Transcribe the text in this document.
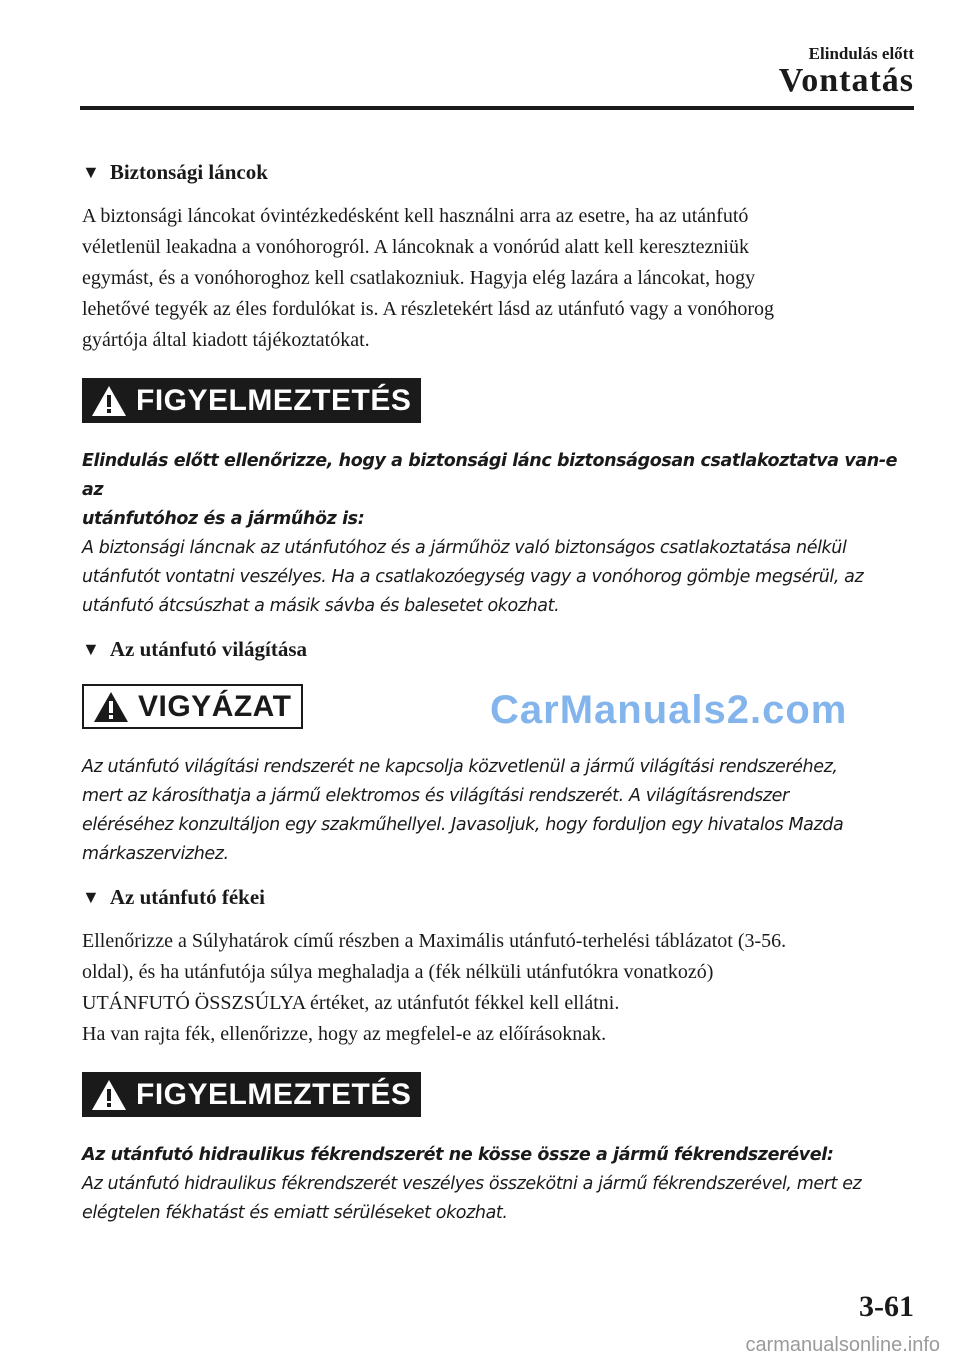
Elindulás előtt
Vontatás
▼ Biztonsági láncok

A biztonsági láncokat óvintézkedésként kell használni arra az esetre, ha az utánfutó

véletlenül leakadna a vonóhorogról. A láncoknak a vonórúd alatt kell keresztezniük

egymást, és a vonóhoroghoz kell csatlakozniuk. Hagyja elég lazára a láncokat, hogy

lehetővé tegyék az éles fordulókat is. A részletekért lásd az utánfutó vagy a vonóhorog

gyártója által kiadott tájékoztatókat.

FIGYELMEZTETÉS
Elindulás előtt ellenőrizze, hogy a biztonsági lánc biztonságosan csatlakoztatva van-e az
utánfutóhoz és a járműhöz is:
A biztonsági láncnak az utánfutóhoz és a járműhöz való biztonságos csatlakoztatása nélkül
utánfutót vontatni veszélyes. Ha a csatlakozóegység vagy a vonóhorog gömbje megsérül, az
utánfutó átcsúszhat a másik sávba és balesetet okozhat.
▼ Az utánfutó világítása
VIGYÁZAT
Az utánfutó világítási rendszerét ne kapcsolja közvetlenül a jármű világítási rendszeréhez,
mert az károsíthatja a jármű elektromos és világítási rendszerét. A világításrendszer
eléréséhez konzultáljon egy szakműhellyel. Javasoljuk, hogy forduljon egy hivatalos Mazda
márkaszervizhez.
▼ Az utánfutó fékei

Ellenőrizze a Súlyhatárok című részben a Maximális utánfutó-terhelési táblázatot (3-56.

oldal), és ha utánfutója súlya meghaladja a (fék nélküli utánfutókra vonatkozó)

UTÁNFUTÓ ÖSSZSÚLYA értéket, az utánfutót fékkel kell ellátni.

Ha van rajta fék, ellenőrizze, hogy az megfelel-e az előírásoknak.

FIGYELMEZTETÉS
Az utánfutó hidraulikus fékrendszerét ne kösse össze a jármű fékrendszerével:
Az utánfutó hidraulikus fékrendszerét veszélyes összekötni a jármű fékrendszerével, mert ez
elégtelen fékhatást és emiatt sérüléseket okozhat.
CarManuals2.com
3-61
carmanualsonline.info
